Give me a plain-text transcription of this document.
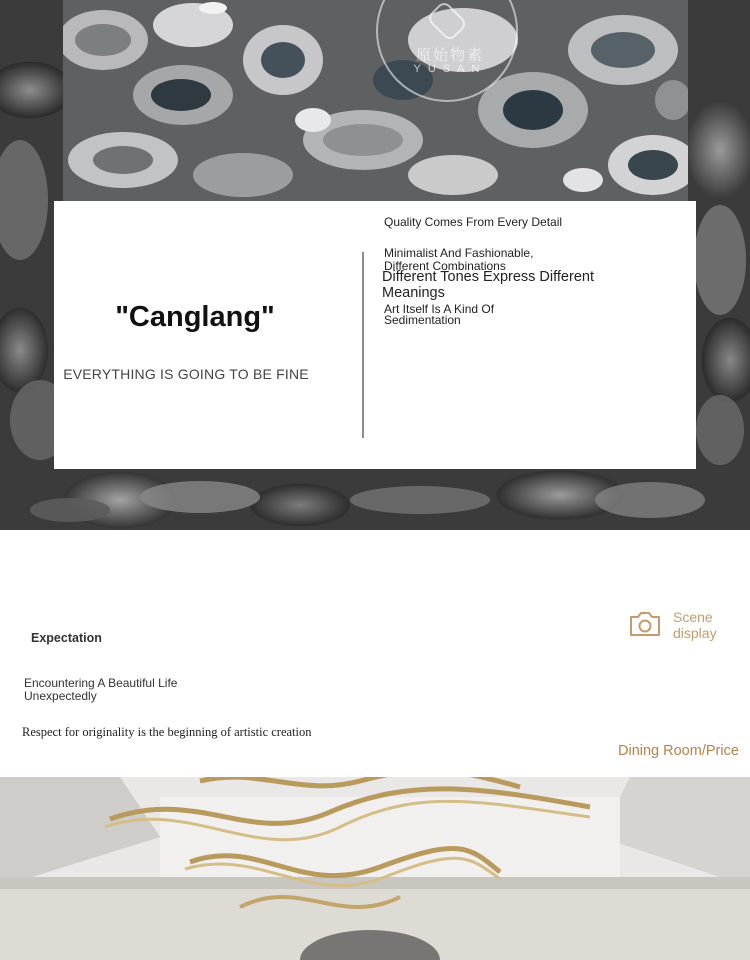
原始物素
YUSAN
"Canglang"
EVERYTHING IS GOING TO BE FINE
Quality Comes From Every Detail
Minimalist And Fashionable, Different Combinations
Different Tones Express Different Meanings
Art Itself Is A Kind Of Sedimentation
Expectation
Encountering A Beautiful Life Unexpectedly
Respect for originality is the beginning of artistic creation
Scene
display
Dining Room/Price
